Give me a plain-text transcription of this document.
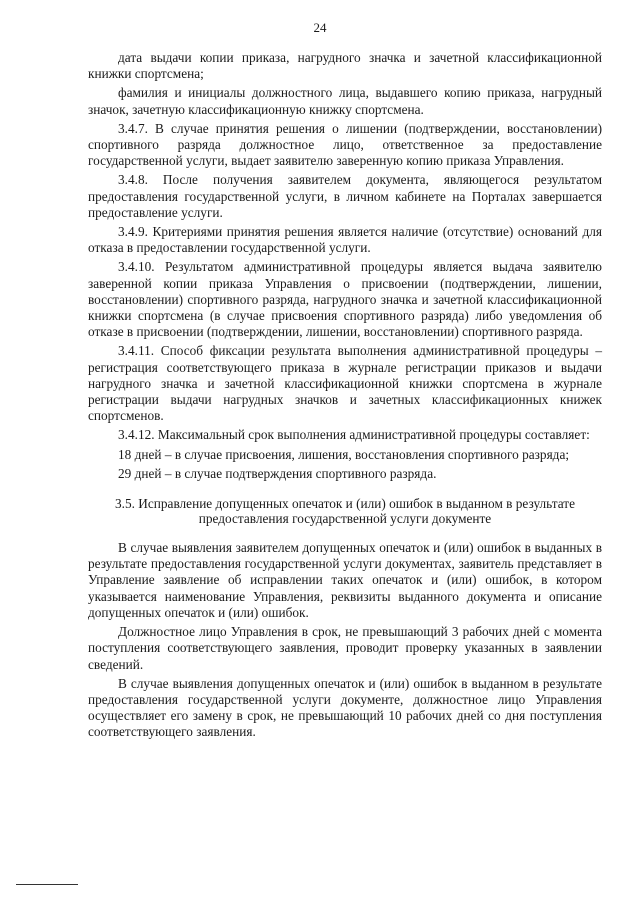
24

дата выдачи копии приказа, нагрудного значка и зачетной классификационной книжки спортсмена;

фамилия и инициалы должностного лица, выдавшего копию приказа, нагрудный значок, зачетную классификационную книжку спортсмена.

3.4.7. В случае принятия решения о лишении (подтверждении, восстановлении) спортивного разряда должностное лицо, ответственное за предоставление государственной услуги, выдает заявителю заверенную копию приказа Управления.

3.4.8. После получения заявителем документа, являющегося результатом предоставления государственной услуги, в личном кабинете на Порталах завершается предоставление услуги.

3.4.9. Критериями принятия решения является наличие (отсутствие) оснований для отказа в предоставлении государственной услуги.

3.4.10. Результатом административной процедуры является выдача заявителю заверенной копии приказа Управления о присвоении (подтверждении, лишении, восстановлении) спортивного разряда, нагрудного значка и зачетной классификационной книжки спортсмена (в случае присвоения спортивного разряда) либо уведомления об отказе в присвоении (подтверждении, лишении, восстановлении) спортивного разряда.

3.4.11. Способ фиксации результата выполнения административной процедуры – регистрация соответствующего приказа в журнале регистрации приказов и выдачи нагрудного значка и зачетной классификационной книжки спортсмена в журнале регистрации выдачи нагрудных значков и зачетных классификационных книжек спортсменов.

3.4.12. Максимальный срок выполнения административной процедуры составляет:

18 дней – в случае присвоения, лишения, восстановления спортивного разряда;

29 дней – в случае подтверждения спортивного разряда.

3.5. Исправление допущенных опечаток и (или) ошибок в выданном в результате предоставления государственной услуги документе

В случае выявления заявителем допущенных опечаток и (или) ошибок в выданных в результате предоставления государственной услуги документах, заявитель представляет в Управление заявление об исправлении таких опечаток и (или) ошибок, в котором указывается наименование Управления, реквизиты выданного документа и описание допущенных опечаток и (или) ошибок.

Должностное лицо Управления в срок, не превышающий 3 рабочих дней с момента поступления соответствующего заявления, проводит проверку указанных в заявлении сведений.

В случае выявления допущенных опечаток и (или) ошибок в выданном в результате предоставления государственной услуги документе, должностное лицо Управления осуществляет его замену в срок, не превышающий 10 рабочих дней со дня поступления соответствующего заявления.
